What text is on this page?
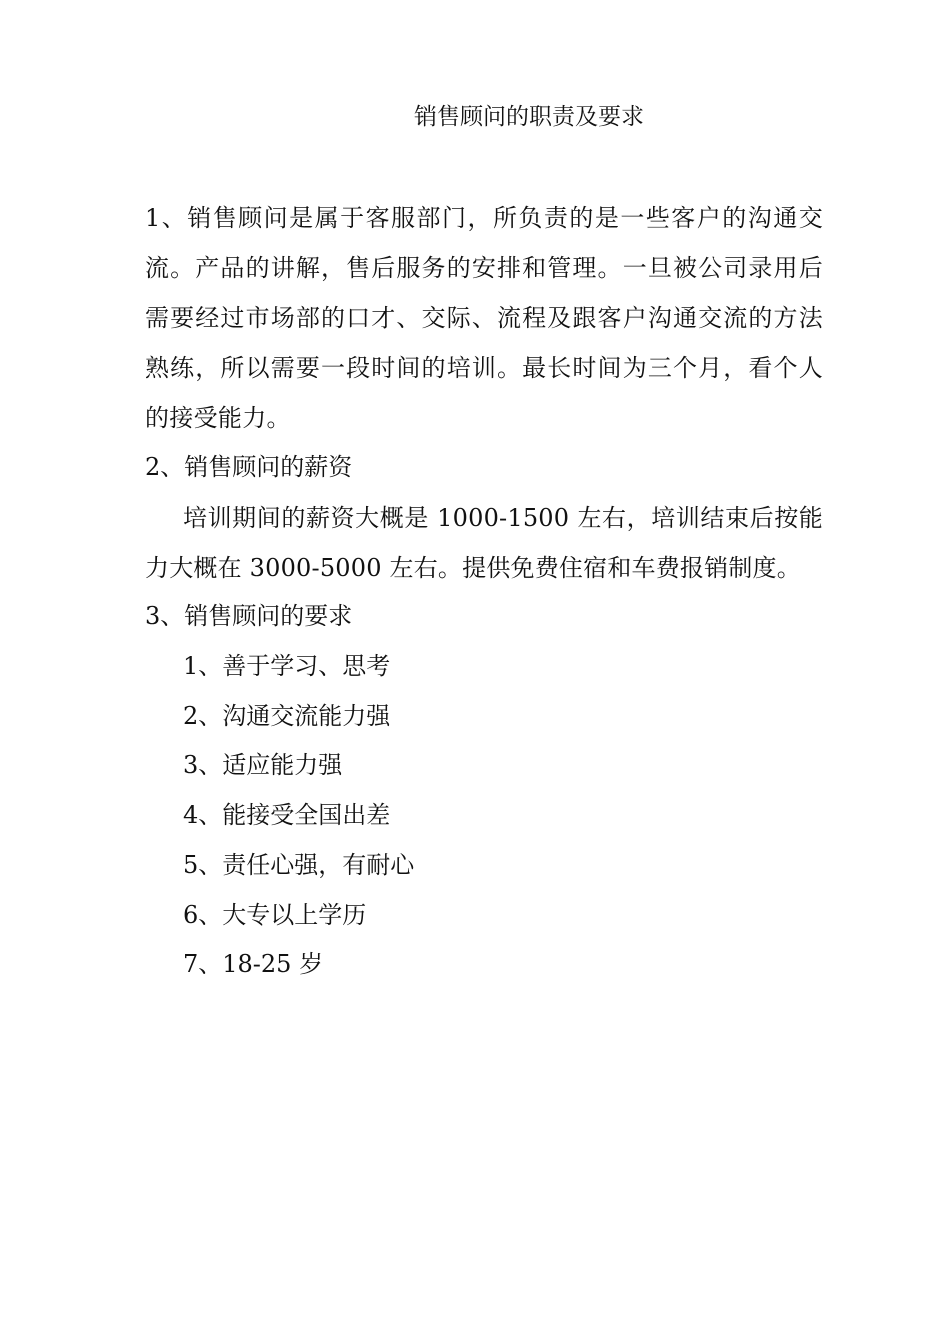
销售顾问的职责及要求

1、销售顾问是属于客服部门，所负责的是一些客户的沟通交流。产品的讲解，售后服务的安排和管理。一旦被公司录用后需要经过市场部的口才、交际、流程及跟客户沟通交流的方法熟练，所以需要一段时间的培训。最长时间为三个月，看个人的接受能力。

2、销售顾问的薪资

培训期间的薪资大概是 1000-1500 左右，培训结束后按能力大概在 3000-5000 左右。提供免费住宿和车费报销制度。

3、销售顾问的要求
1、善于学习、思考
2、沟通交流能力强
3、适应能力强
4、能接受全国出差
5、责任心强，有耐心
6、大专以上学历
7、18-25 岁
